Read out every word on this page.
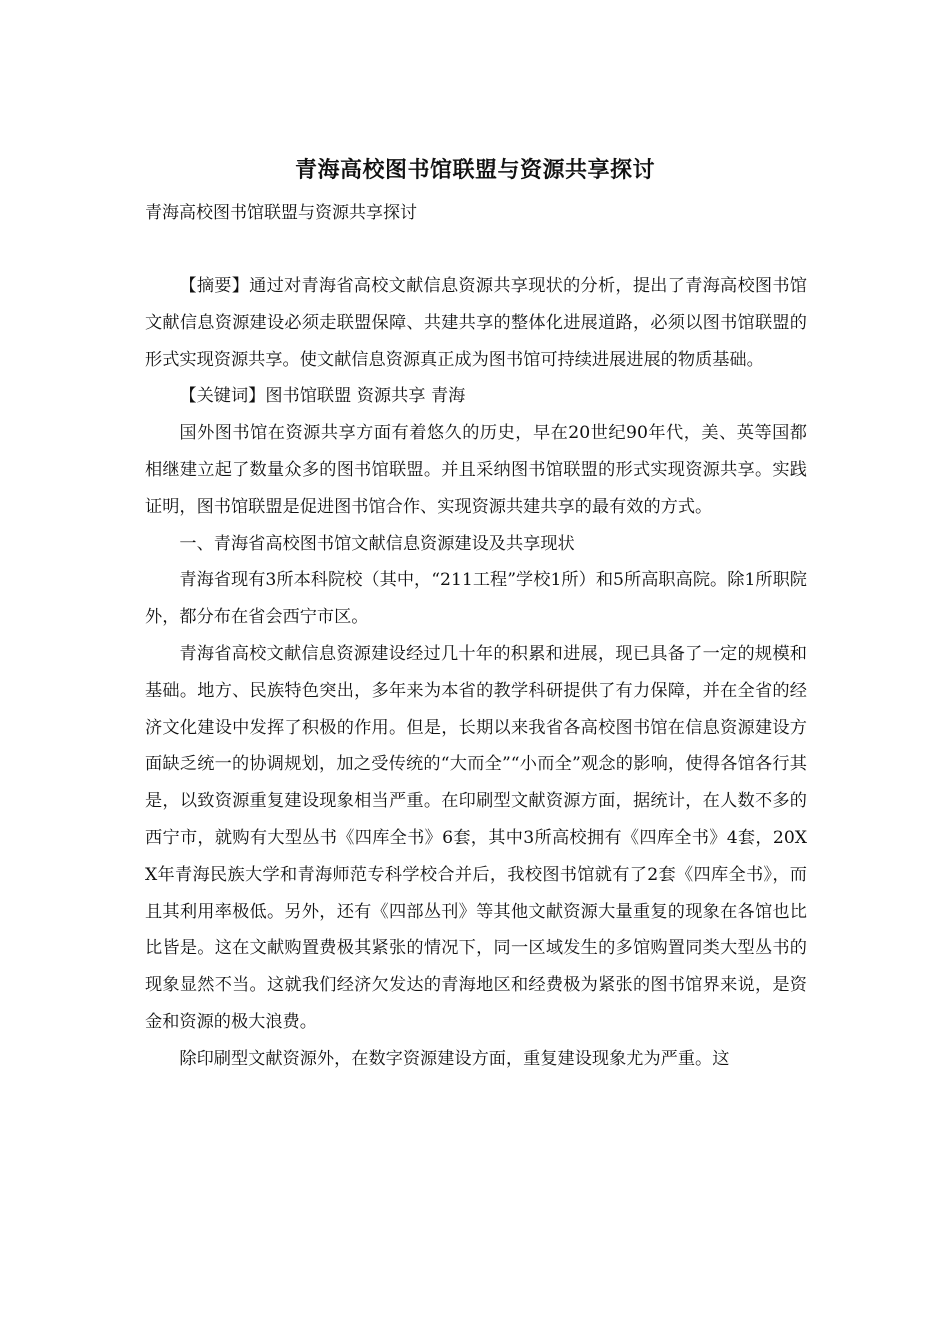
青海高校图书馆联盟与资源共享探讨

青海高校图书馆联盟与资源共享探讨

【摘要】通过对青海省高校文献信息资源共享现状的分析，提出了青海高校图书馆文献信息资源建设必须走联盟保障、共建共享的整体化进展道路，必须以图书馆联盟的形式实现资源共享。使文献信息资源真正成为图书馆可持续进展进展的物质基础。

【关键词】图书馆联盟 资源共享 青海

国外图书馆在资源共享方面有着悠久的历史，早在20世纪90年代，美、英等国都相继建立起了数量众多的图书馆联盟。并且采纳图书馆联盟的形式实现资源共享。实践证明，图书馆联盟是促进图书馆合作、实现资源共建共享的最有效的方式。

一、青海省高校图书馆文献信息资源建设及共享现状

青海省现有3所本科院校（其中，“211工程”学校1所）和5所高职高院。除1所职院外，都分布在省会西宁市区。

青海省高校文献信息资源建设经过几十年的积累和进展，现已具备了一定的规模和基础。地方、民族特色突出，多年来为本省的教学科研提供了有力保障，并在全省的经济文化建设中发挥了积极的作用。但是，长期以来我省各高校图书馆在信息资源建设方面缺乏统一的协调规划，加之受传统的“大而全”“小而全”观念的影响，使得各馆各行其是，以致资源重复建设现象相当严重。在印刷型文献资源方面，据统计，在人数不多的西宁市，就购有大型丛书《四库全书》6套，其中3所高校拥有《四库全书》4套，20XX年青海民族大学和青海师范专科学校合并后，我校图书馆就有了2套《四库全书》，而且其利用率极低。另外，还有《四部丛刊》等其他文献资源大量重复的现象在各馆也比比皆是。这在文献购置费极其紧张的情况下，同一区域发生的多馆购置同类大型丛书的现象显然不当。这就我们经济欠发达的青海地区和经费极为紧张的图书馆界来说，是资金和资源的极大浪费。

除印刷型文献资源外，在数字资源建设方面，重复建设现象尤为严重。这
